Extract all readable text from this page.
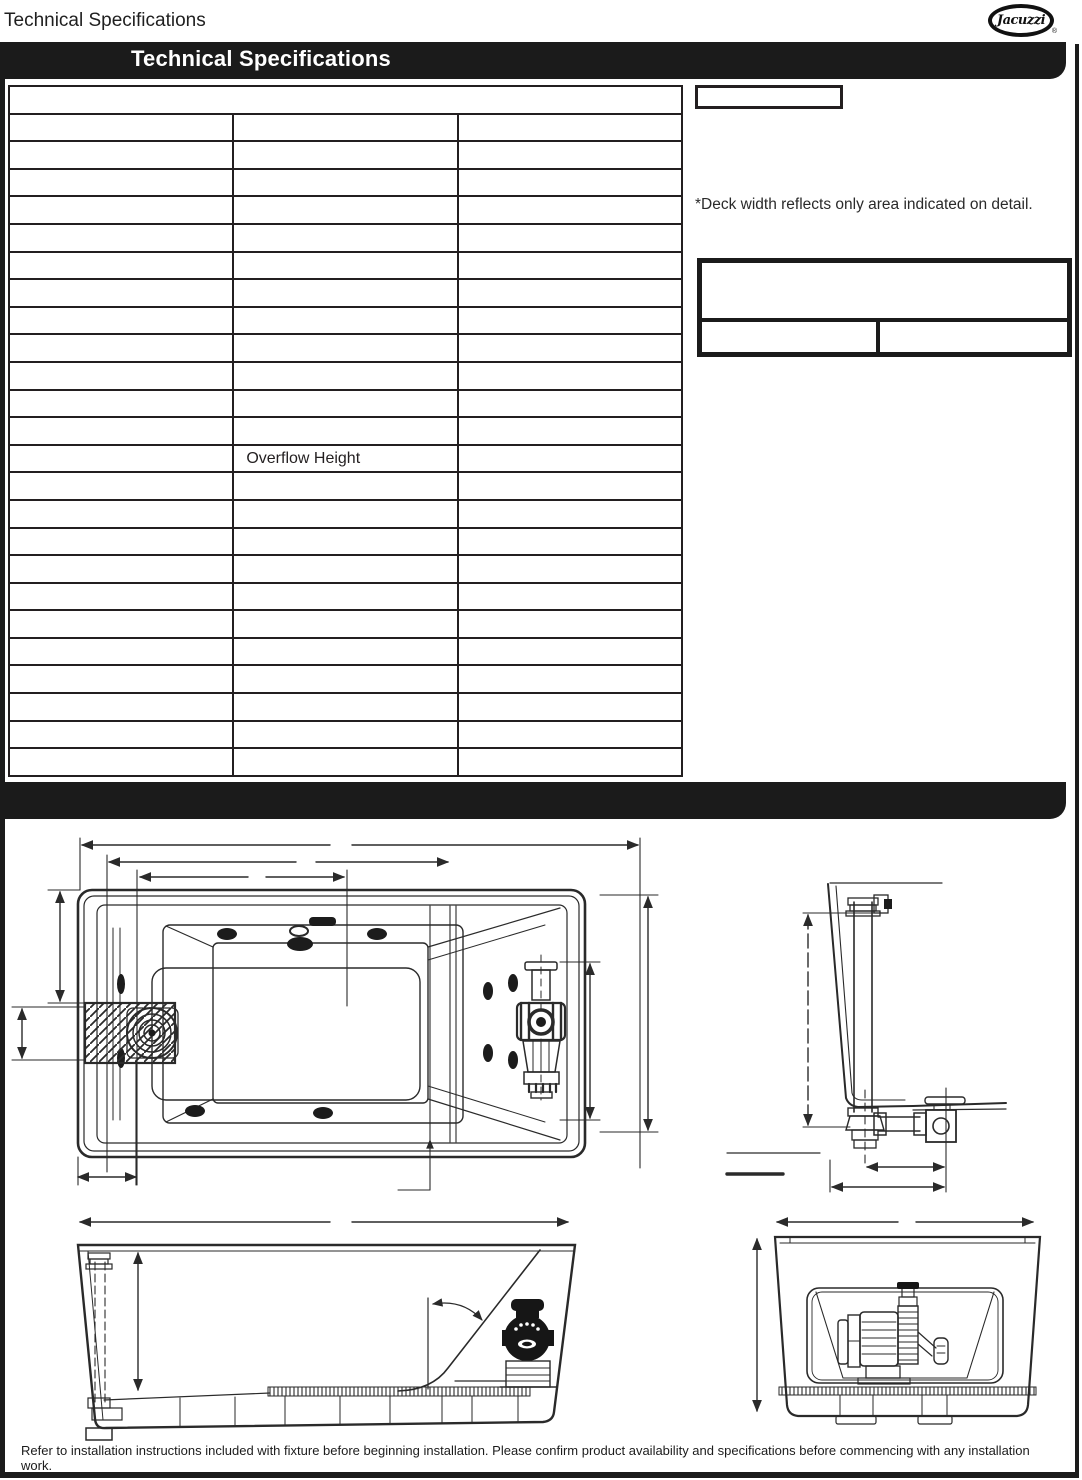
Technical Specifications	Jacuzzi
®
Technical Specifications

	Overflow Height	

*Deck width reflects only area indicated on detail.
Refer to installation instructions included with fixture before beginning installation. Please confirm product availability and specifications before commencing with any installation work.
